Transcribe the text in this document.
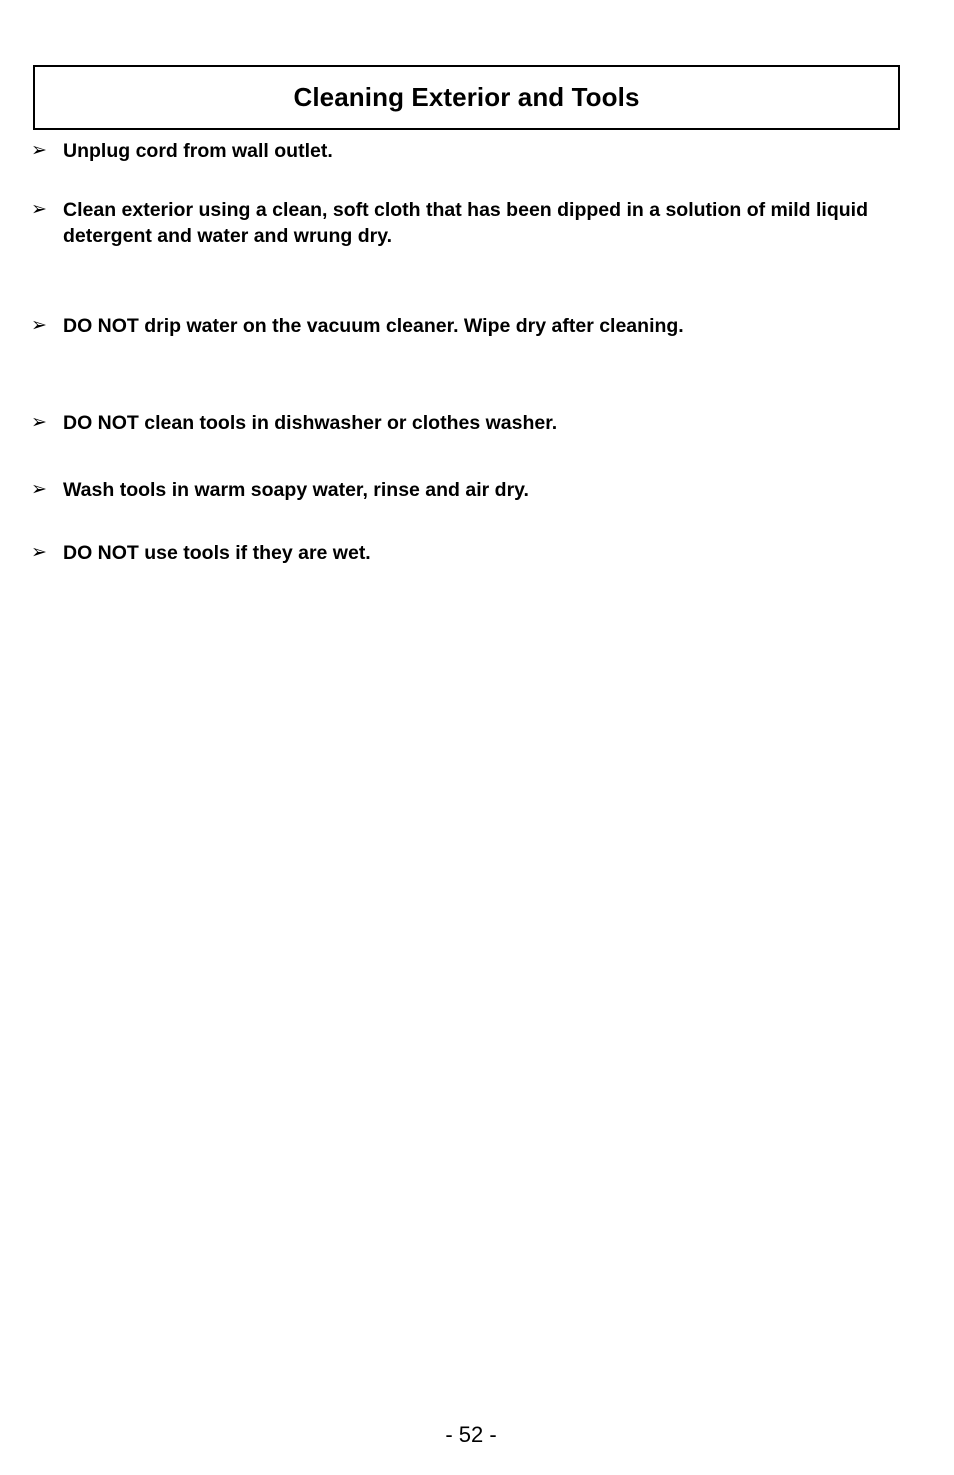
Cleaning Exterior and Tools
➢ Unplug cord from wall outlet.
➢ Clean exterior using a clean, soft cloth that has been dipped in a solution of mild liquid detergent and water and wrung dry.
➢ DO NOT drip water on the vacuum cleaner. Wipe dry after cleaning.
➢ DO NOT clean tools in dishwasher or clothes washer.
➢ Wash tools in warm soapy water, rinse and air dry.
➢ DO NOT use tools if they are wet.
- 52 -
